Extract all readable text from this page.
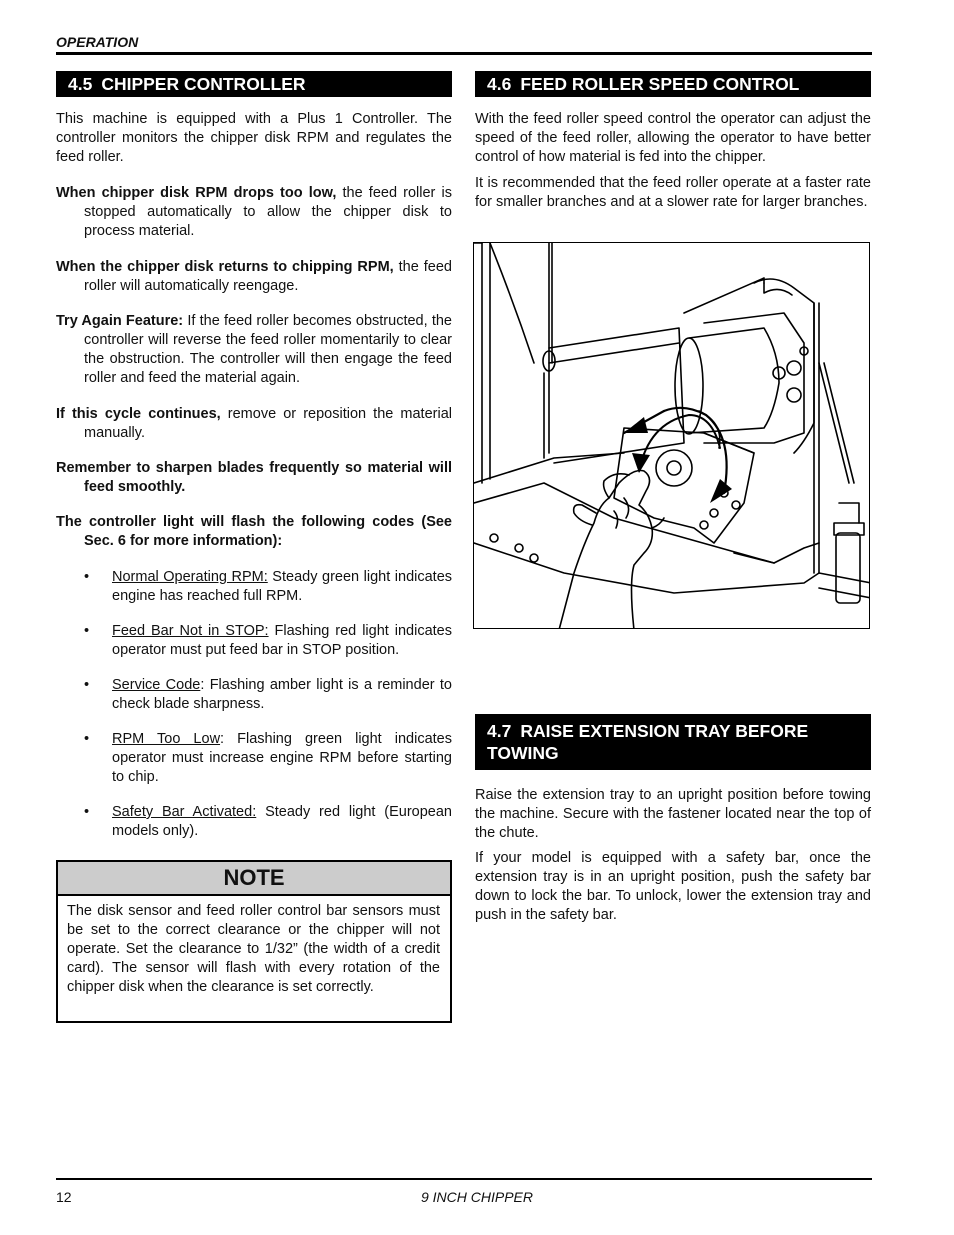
OPERATION
4.5 CHIPPER CONTROLLER

This machine is equipped with a Plus 1 Controller. The controller monitors the chipper disk RPM and regulates the feed roller.

When chipper disk RPM drops too low, the feed roller is stopped automatically to allow the chipper disk to process material.

When the chipper disk returns to chipping RPM, the feed roller will automatically reengage.

Try Again Feature: If the feed roller becomes obstructed, the controller will reverse the feed roller momentarily to clear the obstruction. The controller will then engage the feed roller and feed the material again.

If this cycle continues, remove or reposition the material manually.

Remember to sharpen blades frequently so material will feed smoothly.

The controller light will flash the following codes (See Sec. 6 for more information):

• Normal Operating RPM: Steady green light indicates engine has reached full RPM.
• Feed Bar Not in STOP: Flashing red light indicates operator must put feed bar in STOP position.
• Service Code: Flashing amber light is a reminder to check blade sharpness.
• RPM Too Low: Flashing green light indicates operator must increase engine RPM before starting to chip.
• Safety Bar Activated: Steady red light (European models only).
NOTE
The disk sensor and feed roller control bar sensors must be set to the correct clearance or the chipper will not operate. Set the clearance to 1/32” (the width of a credit card). The sensor will flash with every rotation of the chipper disk when the clearance is set correctly.
4.6 FEED ROLLER SPEED CONTROL

With the feed roller speed control the operator can adjust the speed of the feed roller, allowing the operator to have better control of how material is fed into the chipper.

It is recommended that the feed roller operate at a faster rate for smaller branches and at a slower rate for larger branches.

4.7 RAISE EXTENSION TRAY BEFORE TOWING

Raise the extension tray to an upright position before towing the machine. Secure with the fastener located near the top of the chute.

If your model is equipped with a safety bar, once the extension tray is in an upright position, push the safety bar down to lock the bar. To unlock, lower the extension tray and push in the safety bar.

12	9 INCH CHIPPER
